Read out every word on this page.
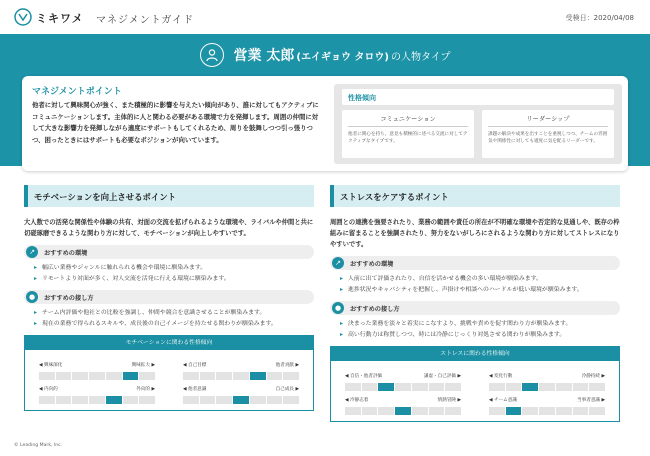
ミキワメ マネジメントガイド	受検日：2020/04/08
営業 太郎 (エイギョウ タロウ) の人物タイプ
マネジメントポイント
他者に対して興味関心が強く、また積極的に影響を与えたい傾向があり、誰に対してもアクティブにコミュニケーションします。主体的に人と関わる必要がある環境で力を発揮します。周囲の仲間に対して大きな影響力を発揮しながら適度にサポートもしてくれるため、周りを鼓舞しつつ引っ張りつつ、困ったときにはサポートも必要なポジションが向いています。
性格傾向
コミュニケーション
他者に関心を持ち、意見も積極的に述べる交流に対してアクティブなタイプです。
リーダーシップ
課題の解決や成果を出すことを重視しつつ、チームの雰囲気や関係性に対しても適度に気を配るリーダーです。
モチベーションを向上させるポイント
大人数での活発な関係性や体験の共有、対面の交流を拡げられるような環境や、ライバルや仲間と共に切磋琢磨できるような関わり方に対して、モチベーションが向上しやすいです。
↗	おすすめの環境
▸ 幅広い業務やジャンルに触れられる機会や環境に馴染みます。
▸ リモートより対面が多く、対人交流を活発に行える環境に馴染みます。
●	おすすめの接し方
▸ チーム内評価や他社との比較を強調し、仲間や競合を意識させることが馴染みます。
▸ 現在の業務で得られるスキルや、成長後の自己イメージを持たせる関わりが馴染みます。
モチベーションに関わる性格傾向
◀ 興味深化	興味拡大 ▶	◀ 自己目標	他者貢献 ▶
◀ 内向的	外向的 ▶	◀ 他者意識	自己成長 ▶
ストレスをケアするポイント
周囲との連携を強要されたり、業務の範囲や責任の所在が不明確な環境や否定的な見通しや、既存の枠組みに留まることを強調されたり、努力をないがしろにされるような関わり方に対してストレスになりやすいです。
↗	おすすめの環境
▸ 人前に出て評価されたり、自信を活かせる機会の多い環境が馴染みます。
▸ 進捗状況やキャパシティを把握し、声掛けや相談へのハードルが低い環境が馴染みます。
●	おすすめの接し方
▸ 決まった業務を淡々と着実にこなすより、挑戦や責めを促す関わり方が馴染みます。
▸ 高い行動力は称賛しつつ、時には冷静にじっくり対処させる関わりが馴染みます。
ストレスに関わる性格傾向
◀ 自信・他者評価	謙虚・自己評価 ▶	◀ 変化行動	冷静持続 ▶
◀ 冷静志着	情熱冒険 ▶	◀ チーム意識	当事者意識 ▶
© Leading Mark, Inc.
